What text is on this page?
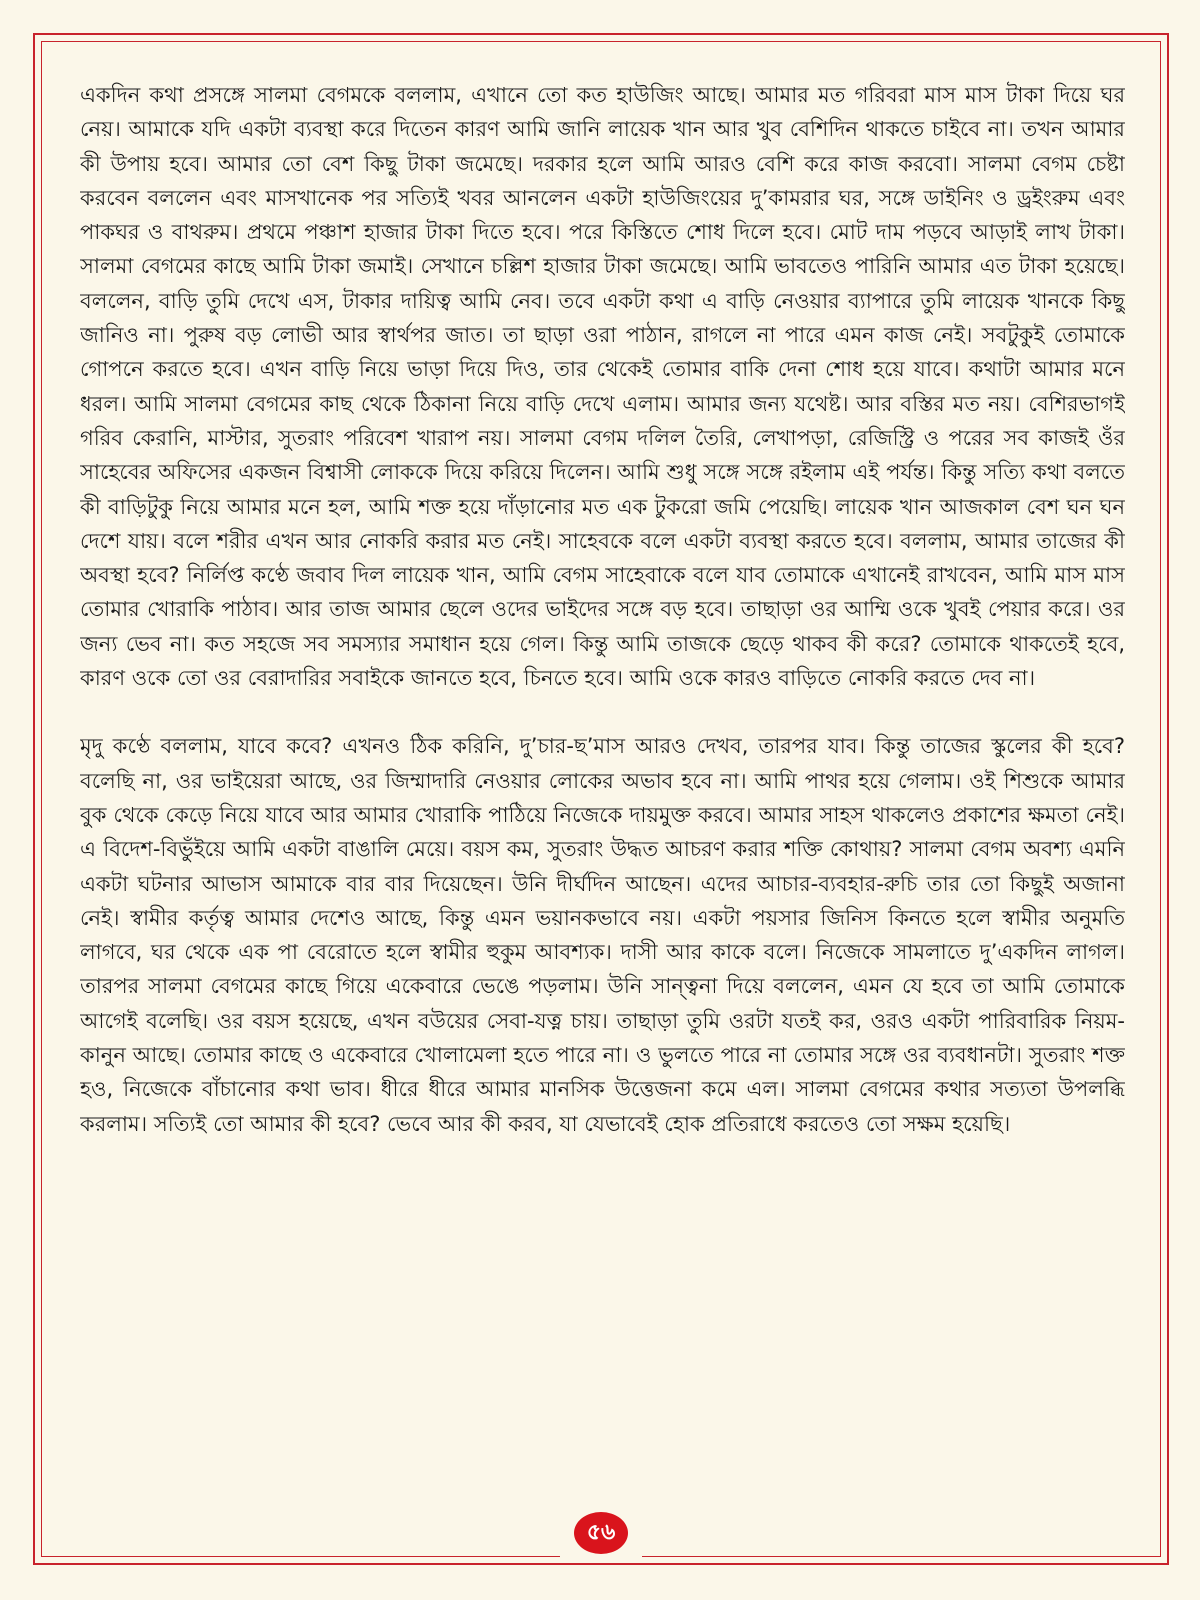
একদিন কথা প্রসঙ্গে সালমা বেগমকে বললাম, এখানে তো কত হাউজিং আছে। আমার মত গরিবরা মাস মাস টাকা দিয়ে ঘর নেয়। আমাকে যদি একটা ব্যবস্থা করে দিতেন কারণ আমি জানি লায়েক খান আর খুব বেশিদিন থাকতে চাইবে না। তখন আমার কী উপায় হবে। আমার তো বেশ কিছু টাকা জমেছে। দরকার হলে আমি আরও বেশি করে কাজ করবো। সালমা বেগম চেষ্টা করবেন বললেন এবং মাসখানেক পর সত্যিই খবর আনলেন একটা হাউজিংয়ের দু’কামরার ঘর, সঙ্গে ডাইনিং ও ড্রইংরুম এবং পাকঘর ও বাথরুম। প্রথমে পঞ্চাশ হাজার টাকা দিতে হবে। পরে কিস্তিতে শোধ দিলে হবে। মোট দাম পড়বে আড়াই লাখ টাকা। সালমা বেগমের কাছে আমি টাকা জমাই। সেখানে চল্লিশ হাজার টাকা জমেছে। আমি ভাবতেও পারিনি আমার এত টাকা হয়েছে। বললেন, বাড়ি তুমি দেখে এস, টাকার দায়িত্ব আমি নেব। তবে একটা কথা এ বাড়ি নেওয়ার ব্যাপারে তুমি লায়েক খানকে কিছু জানিও না। পুরুষ বড় লোভী আর স্বার্থপর জাত। তা ছাড়া ওরা পাঠান, রাগলে না পারে এমন কাজ নেই। সবটুকুই তোমাকে গোপনে করতে হবে। এখন বাড়ি নিয়ে ভাড়া দিয়ে দিও, তার থেকেই তোমার বাকি দেনা শোধ হয়ে যাবে। কথাটা আমার মনে ধরল। আমি সালমা বেগমের কাছ থেকে ঠিকানা নিয়ে বাড়ি দেখে এলাম। আমার জন্য যথেষ্ট। আর বস্তির মত নয়। বেশিরভাগই গরিব কেরানি, মাস্টার, সুতরাং পরিবেশ খারাপ নয়। সালমা বেগম দলিল তৈরি, লেখাপড়া, রেজিস্ট্রি ও পরের সব কাজই ওঁর সাহেবের অফিসের একজন বিশ্বাসী লোককে দিয়ে করিয়ে দিলেন। আমি শুধু সঙ্গে সঙ্গে রইলাম এই পর্যন্ত। কিন্তু সত্যি কথা বলতে কী বাড়িটুকু নিয়ে আমার মনে হল, আমি শক্ত হয়ে দাঁড়ানোর মত এক টুকরো জমি পেয়েছি। লায়েক খান আজকাল বেশ ঘন ঘন দেশে যায়। বলে শরীর এখন আর নোকরি করার মত নেই। সাহেবকে বলে একটা ব্যবস্থা করতে হবে। বললাম, আমার তাজের কী অবস্থা হবে? নির্লিপ্ত কণ্ঠে জবাব দিল লায়েক খান, আমি বেগম সাহেবাকে বলে যাব তোমাকে এখানেই রাখবেন, আমি মাস মাস তোমার খোরাকি পাঠাব। আর তাজ আমার ছেলে ওদের ভাইদের সঙ্গে বড় হবে। তাছাড়া ওর আম্মি ওকে খুবই পেয়ার করে। ওর জন্য ভেব না। কত সহজে সব সমস্যার সমাধান হয়ে গেল। কিন্তু আমি তাজকে ছেড়ে থাকব কী করে? তোমাকে থাকতেই হবে, কারণ ওকে তো ওর বেরাদারির সবাইকে জানতে হবে, চিনতে হবে। আমি ওকে কারও বাড়িতে নোকরি করতে দেব না।

মৃদু কণ্ঠে বললাম, যাবে কবে? এখনও ঠিক করিনি, দু’চার-ছ’মাস আরও দেখব, তারপর যাব। কিন্তু তাজের স্কুলের কী হবে? বলেছি না, ওর ভাইয়েরা আছে, ওর জিম্মাদারি নেওয়ার লোকের অভাব হবে না। আমি পাথর হয়ে গেলাম। ওই শিশুকে আমার বুক থেকে কেড়ে নিয়ে যাবে আর আমার খোরাকি পাঠিয়ে নিজেকে দায়মুক্ত করবে। আমার সাহস থাকলেও প্রকাশের ক্ষমতা নেই। এ বিদেশ-বিভুঁইয়ে আমি একটা বাঙালি মেয়ে। বয়স কম, সুতরাং উদ্ধত আচরণ করার শক্তি কোথায়? সালমা বেগম অবশ্য এমনি একটা ঘটনার আভাস আমাকে বার বার দিয়েছেন। উনি দীর্ঘদিন আছেন। এদের আচার-ব্যবহার-রুচি তার তো কিছুই অজানা নেই। স্বামীর কর্তৃত্ব আমার দেশেও আছে, কিন্তু এমন ভয়ানকভাবে নয়। একটা পয়সার জিনিস কিনতে হলে স্বামীর অনুমতি লাগবে, ঘর থেকে এক পা বেরোতে হলে স্বামীর হুকুম আবশ্যক। দাসী আর কাকে বলে। নিজেকে সামলাতে দু’একদিন লাগল। তারপর সালমা বেগমের কাছে গিয়ে একেবারে ভেঙে পড়লাম। উনি সান্ত্বনা দিয়ে বললেন, এমন যে হবে তা আমি তোমাকে আগেই বলেছি। ওর বয়স হয়েছে, এখন বউয়ের সেবা-যত্ন চায়। তাছাড়া তুমি ওরটা যতই কর, ওরও একটা পারিবারিক নিয়ম-কানুন আছে। তোমার কাছে ও একেবারে খোলামেলা হতে পারে না। ও ভুলতে পারে না তোমার সঙ্গে ওর ব্যবধানটা। সুতরাং শক্ত হও, নিজেকে বাঁচানোর কথা ভাব। ধীরে ধীরে আমার মানসিক উত্তেজনা কমে এল। সালমা বেগমের কথার সত্যতা উপলব্ধি করলাম। সত্যিই তো আমার কী হবে? ভেবে আর কী করব, যা যেভাবেই হোক প্রতিরাধে করতেও তো সক্ষম হয়েছি।

৫৬
